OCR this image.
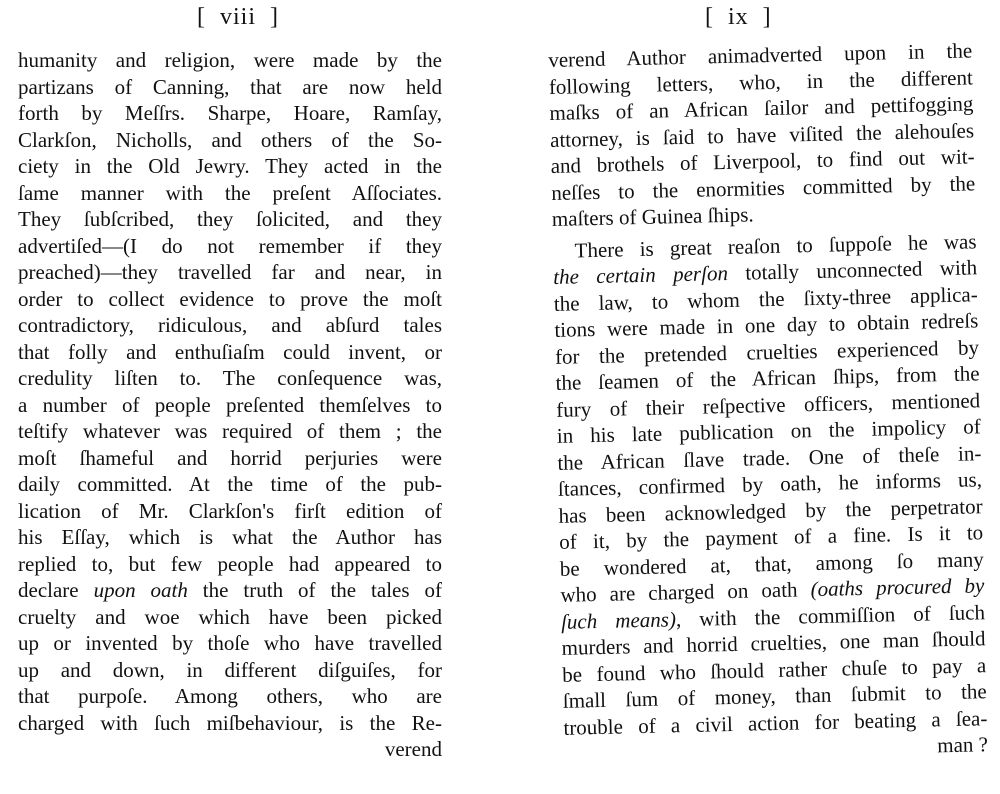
[  viii  ]
humanity and religion, were made by the
partizans of Canning, that are now held
forth by Meſſrs. Sharpe, Hoare, Ramſay,
Clarkſon, Nicholls, and others of the So-
ciety in the Old Jewry. They acted in the
ſame manner with the preſent Aſſociates.
They ſubſcribed, they ſolicited, and they
advertiſed—(I do not remember if they
preached)—they travelled far and near, in
order to collect evidence to prove the moſt
contradictory, ridiculous, and abſurd tales
that folly and enthuſiaſm could invent, or
credulity liſten to. The conſequence was,
a number of people preſented themſelves to
teſtify whatever was required of them ; the
moſt ſhameful and horrid perjuries were
daily committed. At the time of the pub-
lication of Mr. Clarkſon's firſt edition of
his Eſſay, which is what the Author has
replied to, but few people had appeared to
declare upon oath the truth of the tales of
cruelty and woe which have been picked
up or invented by thoſe who have travelled
up and down, in different diſguiſes, for
that purpoſe. Among others, who are
charged with ſuch miſbehaviour, is the Re-
verend
[  ix  ]
verend Author animadverted upon in the
following letters, who, in the different
maſks of an African ſailor and pettifogging
attorney, is ſaid to have viſited the alehouſes
and brothels of Liverpool, to find out wit-
neſſes to the enormities committed by the
maſters of Guinea ſhips.
There is great reaſon to ſuppoſe he was
the certain perſon totally unconnected with
the law, to whom the ſixty-three applica-
tions were made in one day to obtain redreſs
for the pretended cruelties experienced by
the ſeamen of the African ſhips, from the
fury of their reſpective officers, mentioned
in his late publication on the impolicy of
the African ſlave trade. One of theſe in-
ſtances, confirmed by oath, he informs us,
has been acknowledged by the perpetrator
of it, by the payment of a fine. Is it to
be wondered at, that, among ſo many
who are charged on oath (oaths procured by
ſuch means), with the commiſſion of ſuch
murders and horrid cruelties, one man ſhould
be found who ſhould rather chuſe to pay a
ſmall ſum of money, than ſubmit to the
trouble of a civil action for beating a ſea-
man ?
